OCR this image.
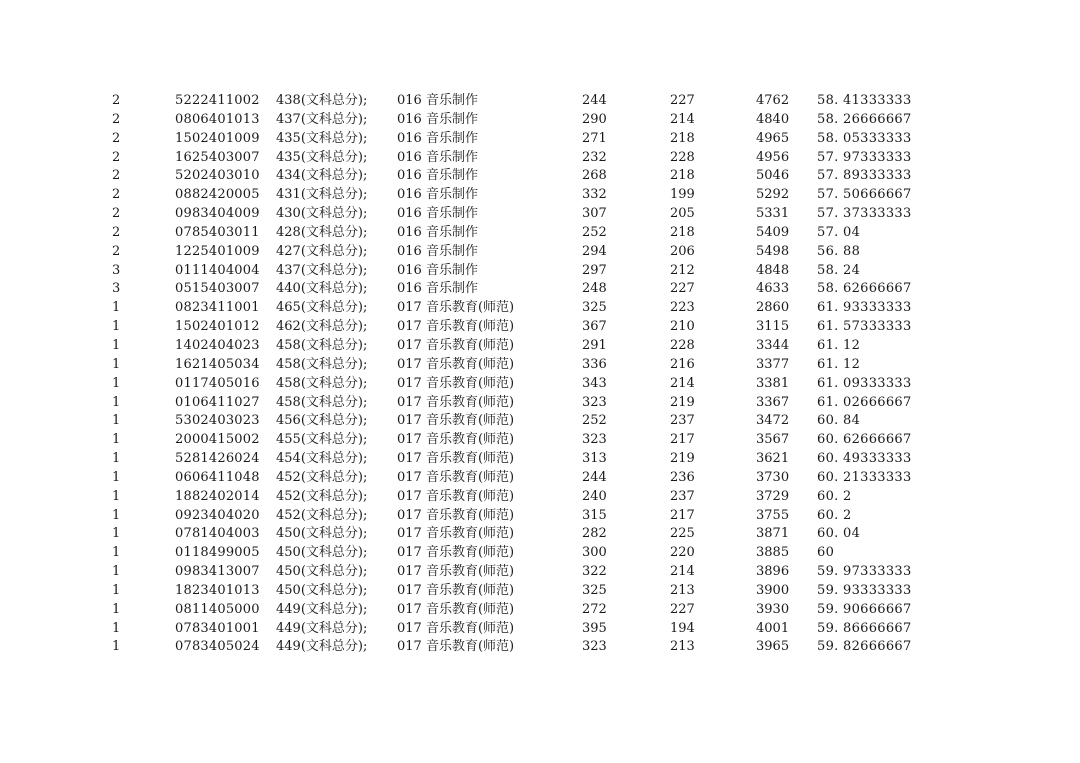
2	5222411002 438(文科总分); 016 音乐制作	244	227	4762 58. 41333333
2	0806401013 437(文科总分); 016 音乐制作	290	214	4840 58. 26666667
2	1502401009 435(文科总分); 016 音乐制作	271	218	4965 58. 05333333
2	1625403007 435(文科总分); 016 音乐制作	232	228	4956 57. 97333333
2	5202403010 434(文科总分); 016 音乐制作	268	218	5046 57. 89333333
2	0882420005 431(文科总分); 016 音乐制作	332	199	5292 57. 50666667
2	0983404009 430(文科总分); 016 音乐制作	307	205	5331 57. 37333333
2	0785403011 428(文科总分); 016 音乐制作	252	218	5409 57. 04
2	1225401009 427(文科总分); 016 音乐制作	294	206	5498 56. 88
3	0111404004 437(文科总分); 016 音乐制作	297	212	4848 58. 24
3	0515403007 440(文科总分); 016 音乐制作	248	227	4633 58. 62666667
1	0823411001 465(文科总分); 017 音乐教育(师范)	325	223	2860 61. 93333333
1	1502401012 462(文科总分); 017 音乐教育(师范)	367	210	3115 61. 57333333
1	1402404023 458(文科总分); 017 音乐教育(师范)	291	228	3344 61. 12
1	1621405034 458(文科总分); 017 音乐教育(师范)	336	216	3377 61. 12
1	0117405016 458(文科总分); 017 音乐教育(师范)	343	214	3381 61. 09333333
1	0106411027 458(文科总分); 017 音乐教育(师范)	323	219	3367 61. 02666667
1	5302403023 456(文科总分); 017 音乐教育(师范)	252	237	3472 60. 84
1	2000415002 455(文科总分); 017 音乐教育(师范)	323	217	3567 60. 62666667
1	5281426024 454(文科总分); 017 音乐教育(师范)	313	219	3621 60. 49333333
1	0606411048 452(文科总分); 017 音乐教育(师范)	244	236	3730 60. 21333333
1	1882402014 452(文科总分); 017 音乐教育(师范)	240	237	3729 60. 2
1	0923404020 452(文科总分); 017 音乐教育(师范)	315	217	3755 60. 2
1	0781404003 450(文科总分); 017 音乐教育(师范)	282	225	3871 60. 04
1	0118499005 450(文科总分); 017 音乐教育(师范)	300	220	3885 60
1	0983413007 450(文科总分); 017 音乐教育(师范)	322	214	3896 59. 97333333
1	1823401013 450(文科总分); 017 音乐教育(师范)	325	213	3900 59. 93333333
1	0811405000 449(文科总分); 017 音乐教育(师范)	272	227	3930 59. 90666667
1	0783401001 449(文科总分); 017 音乐教育(师范)	395	194	4001 59. 86666667
1	0783405024 449(文科总分); 017 音乐教育(师范)	323	213	3965 59. 82666667
